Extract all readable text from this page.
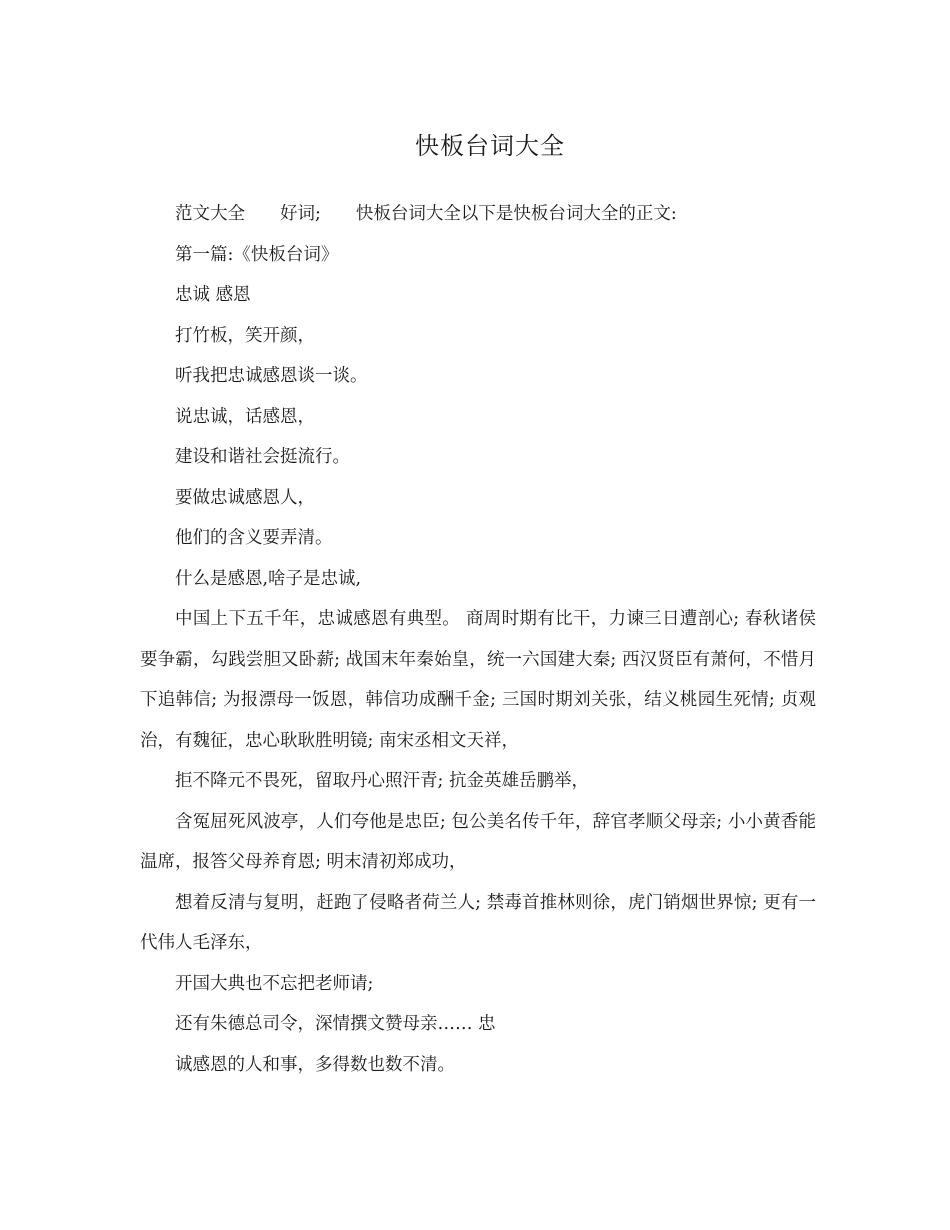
快板台词大全

范文大全　　好词;　　快板台词大全以下是快板台词大全的正文:

第一篇:《快板台词》

忠诚 感恩

打竹板，笑开颜，

听我把忠诚感恩谈一谈。

说忠诚，话感恩，

建设和谐社会挺流行。

要做忠诚感恩人，

他们的含义要弄清。

什么是感恩,啥子是忠诚,

中国上下五千年，忠诚感恩有典型。 商周时期有比干，力谏三日遭剖心; 春秋诸侯要争霸，勾践尝胆又卧薪; 战国末年秦始皇，统一六国建大秦; 西汉贤臣有萧何，不惜月下追韩信; 为报漂母一饭恩，韩信功成酬千金; 三国时期刘关张，结义桃园生死情; 贞观治，有魏征，忠心耿耿胜明镜; 南宋丞相文天祥，

拒不降元不畏死，留取丹心照汗青; 抗金英雄岳鹏举，

含冤屈死风波亭，人们夸他是忠臣; 包公美名传千年，辞官孝顺父母亲; 小小黄香能温席，报答父母养育恩; 明末清初郑成功，

想着反清与复明，赶跑了侵略者荷兰人; 禁毒首推林则徐，虎门销烟世界惊; 更有一代伟人毛泽东，

开国大典也不忘把老师请;

还有朱德总司令，深情撰文赞母亲…… 忠

诚感恩的人和事，多得数也数不清。
